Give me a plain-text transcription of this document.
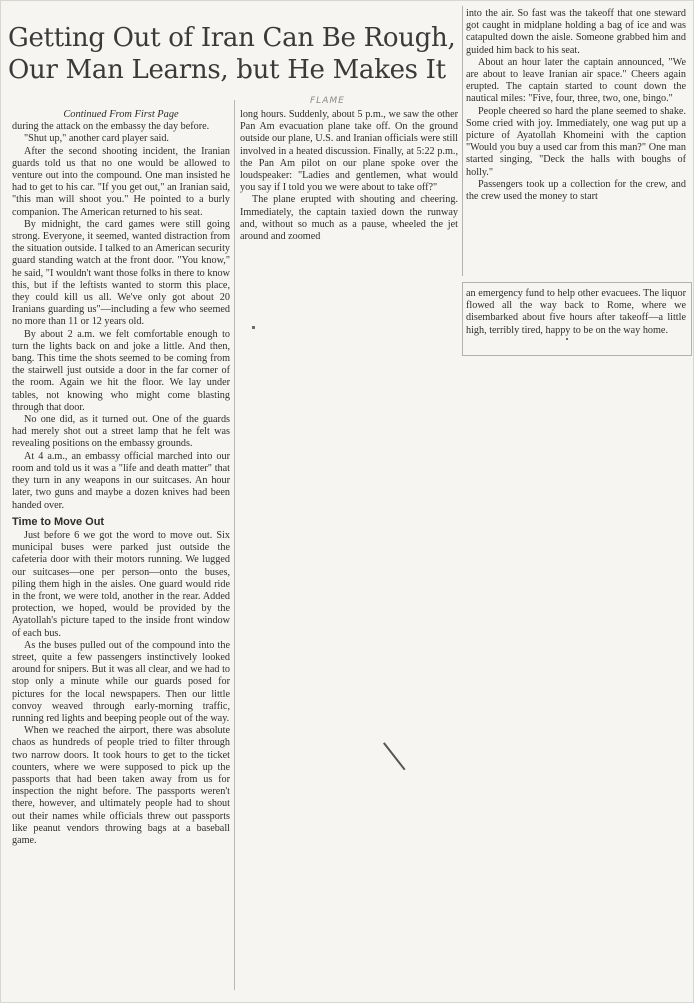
Getting Out of Iran Can Be Rough,
Our Man Learns, but He Makes It
FLAME

Continued From First Page

during the attack on the embassy the day before.

"Shut up," another card player said.

After the second shooting incident, the Iranian guards told us that no one would be allowed to venture out into the compound. One man insisted he had to get to his car. "If you get out," an Iranian said, "this man will shoot you." He pointed to a burly companion. The American returned to his seat.

By midnight, the card games were still going strong. Everyone, it seemed, wanted distraction from the situation outside. I talked to an American security guard standing watch at the front door. "You know," he said, "I wouldn't want those folks in there to know this, but if the leftists wanted to storm this place, they could kill us all. We've only got about 20 Iranians guarding us"—including a few who seemed no more than 11 or 12 years old.

By about 2 a.m. we felt comfortable enough to turn the lights back on and joke a little. And then, bang. This time the shots seemed to be coming from the stairwell just outside a door in the far corner of the room. Again we hit the floor. We lay under tables, not knowing who might come blasting through that door.

No one did, as it turned out. One of the guards had merely shot out a street lamp that he felt was revealing positions on the embassy grounds.

At 4 a.m., an embassy official marched into our room and told us it was a "life and death matter" that they turn in any weapons in our suitcases. An hour later, two guns and maybe a dozen knives had been handed over.

Time to Move Out

Just before 6 we got the word to move out. Six municipal buses were parked just outside the cafeteria door with their motors running. We lugged our suitcases—one per person—onto the buses, piling them high in the aisles. One guard would ride in the front, we were told, another in the rear. Added protection, we hoped, would be provided by the Ayatollah's picture taped to the inside front window of each bus.

As the buses pulled out of the compound into the street, quite a few passengers instinctively looked around for snipers. But it was all clear, and we had to stop only a minute while our guards posed for pictures for the local newspapers. Then our little convoy weaved through early-morning traffic, running red lights and beeping people out of the way.

When we reached the airport, there was absolute chaos as hundreds of people tried to filter through two narrow doors. It took hours to get to the ticket counters, where we were supposed to pick up the passports that had been taken away from us for inspection the night before. The passports weren't there, however, and ultimately people had to shout out their names while officials threw out passports like peanut vendors throwing bags at a baseball game.

long hours. Suddenly, about 5 p.m., we saw the other Pan Am evacuation plane take off. On the ground outside our plane, U.S. and Iranian officials were still involved in a heated discussion. Finally, at 5:22 p.m., the Pan Am pilot on our plane spoke over the loudspeaker: "Ladies and gentlemen, what would you say if I told you we were about to take off?"

The plane erupted with shouting and cheering. Immediately, the captain taxied down the runway and, without so much as a pause, wheeled the jet around and zoomed

into the air. So fast was the takeoff that one steward got caught in midplane holding a bag of ice and was catapulted down the aisle. Someone grabbed him and guided him back to his seat.

About an hour later the captain announced, "We are about to leave Iranian air space." Cheers again erupted. The captain started to count down the nautical miles: "Five, four, three, two, one, bingo."

People cheered so hard the plane seemed to shake. Some cried with joy. Immediately, one wag put up a picture of Ayatollah Khomeini with the caption "Would you buy a used car from this man?" One man started singing, "Deck the halls with boughs of holly."

Passengers took up a collection for the crew, and the crew used the money to start

an emergency fund to help other evacuees. The liquor flowed all the way back to Rome, where we disembarked about five hours after takeoff—a little high, terribly tired, happy to be on the way home.
